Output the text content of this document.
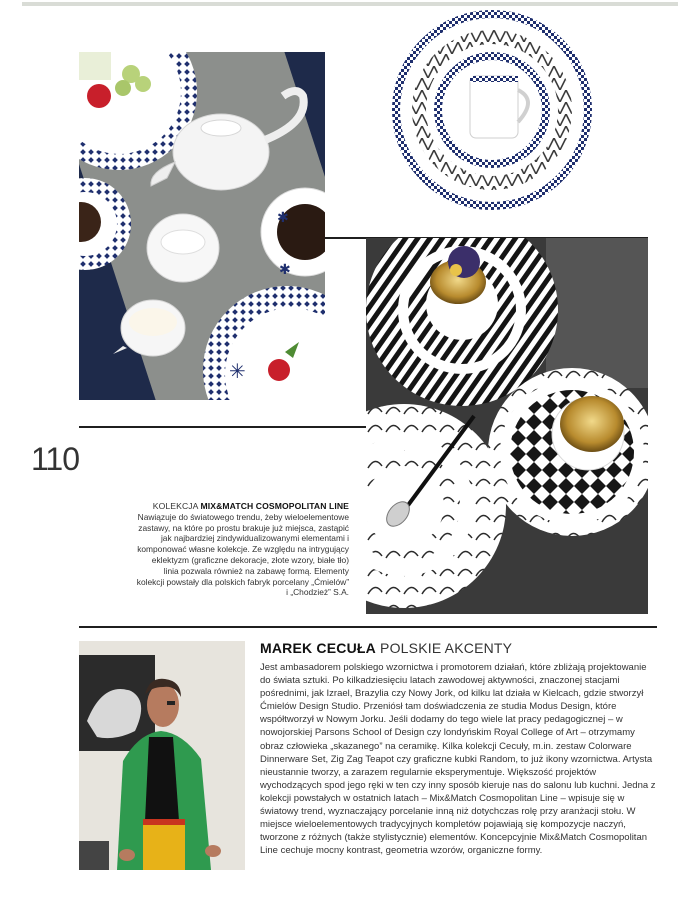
✱
✱
✳
110
KOLEKCJA MIX&MATCH COSMOPOLITAN LINE
Nawiązuje do światowego trendu, żeby wieloelementowe zastawy, na które po prostu brakuje już miejsca, zastąpić jak najbardziej zindywidualizowanymi elementami i komponować własne kolekcje. Ze względu na intrygujący eklektyzm (graficzne dekoracje, złote wzory, białe tło) linia pozwala również na zabawę formą. Elementy kolekcji powstały dla polskich fabryk porcelany „Ćmielów” i „Chodzież” S.A.
MAREK CECUŁA POLSKIE AKCENTY

Jest ambasadorem polskiego wzornictwa i promotorem działań, które zbliżają projektowanie do świata sztuki. Po kilkadziesięciu latach zawodowej aktywności, znaczonej stacjami pośrednimi, jak Izrael, Brazylia czy Nowy Jork, od kilku lat działa w Kielcach, gdzie stworzył Ćmielów Design Studio. Przeniósł tam doświadczenia ze studia Modus Design, które współtworzył w Nowym Jorku. Jeśli dodamy do tego wiele lat pracy pedagogicznej – w nowojorskiej Parsons School of Design czy londyńskim Royal College of Art – otrzymamy obraz człowieka „skazanego” na ceramikę. Kilka kolekcji Cecuły, m.in. zestaw Colorware Dinnerware Set, Zig Zag Teapot czy graficzne kubki Random, to już ikony wzornictwa. Artysta nieustannie tworzy, a zarazem regularnie eksperymentuje. Większość projektów wychodzących spod jego ręki w ten czy inny sposób kieruje nas do salonu lub kuchni. Jedna z kolekcji powstałych w ostatnich latach – Mix&Match Cosmopolitan Line – wpisuje się w światowy trend, wyznaczający porcelanie inną niż dotychczas rolę przy aranżacji stołu. W miejsce wieloelementowych tradycyjnych kompletów pojawiają się kompozycje naczyń, tworzone z różnych (także stylistycznie) elementów. Koncepcyjnie Mix&Match Cosmopolitan Line cechuje mocny kontrast, geometria wzorów, organiczne formy.
